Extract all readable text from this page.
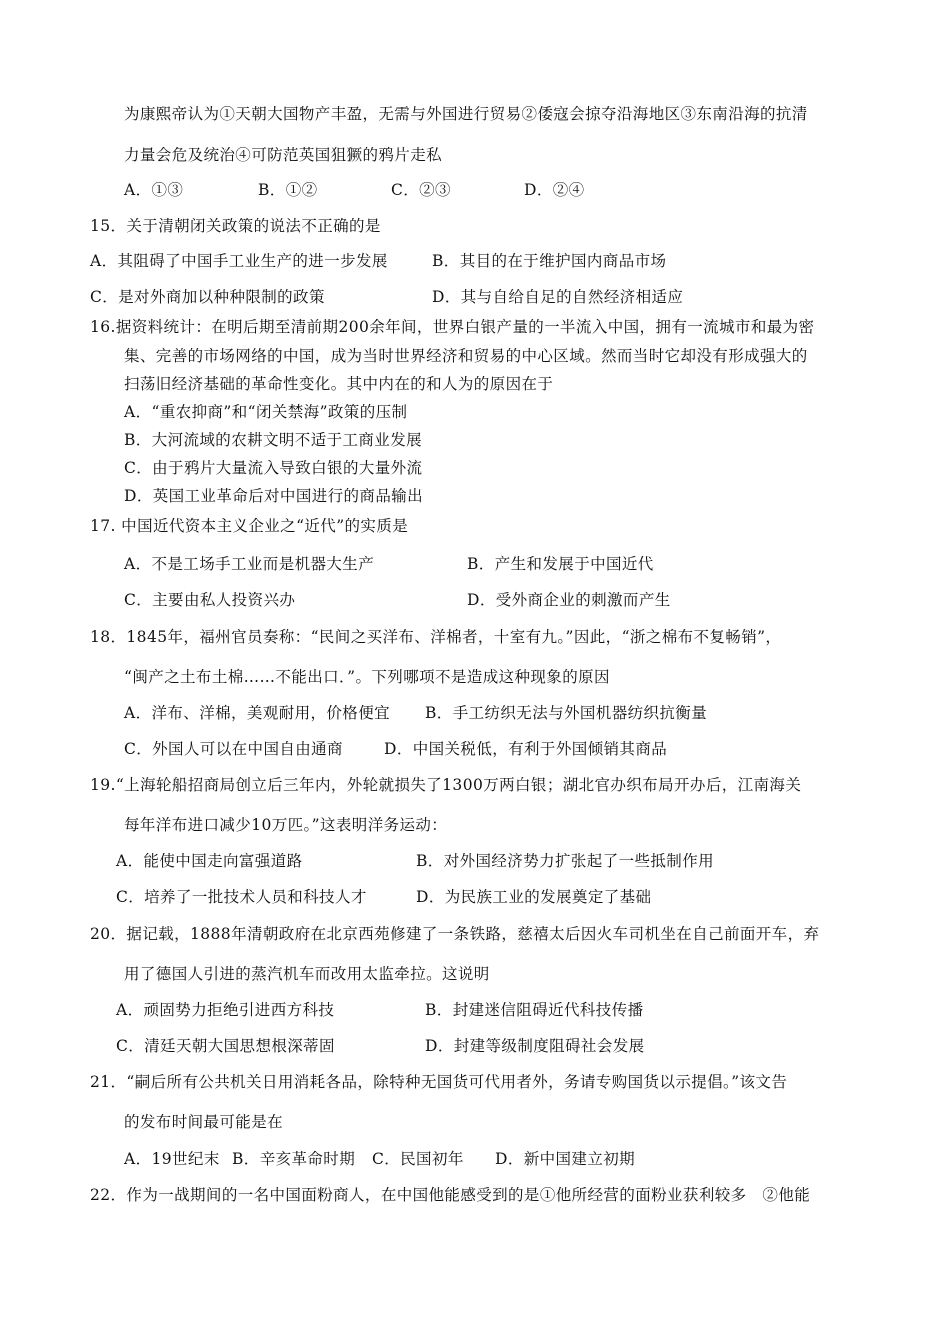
为康熙帝认为①天朝大国物产丰盈，无需与外国进行贸易②倭寇会掠夺沿海地区③东南沿海的抗清
力量会危及统治④可防范英国狙獗的鸦片走私
A．①③	B．①②	C．②③	D．②④
15．关于清朝闭关政策的说法不正确的是
A．其阻碍了中国手工业生产的进一步发展	B．其目的在于维护国内商品市场
C．是对外商加以种种限制的政策	D．其与自给自足的自然经济相适应
16.据资料统计：在明后期至清前期200余年间，世界白银产量的一半流入中国，拥有一流城市和最为密
集、完善的市场网络的中国，成为当时世界经济和贸易的中心区域。然而当时它却没有形成强大的
扫荡旧经济基础的革命性变化。其中内在的和人为的原因在于
A．“重农抑商”和“闭关禁海”政策的压制
B．大河流域的农耕文明不适于工商业发展
C．由于鸦片大量流入导致白银的大量外流
D．英国工业革命后对中国进行的商品输出
17. 中国近代资本主义企业之“近代”的实质是
A．不是工场手工业而是机器大生产	B．产生和发展于中国近代
C．主要由私人投资兴办	D．受外商企业的刺激而产生
18．1845年，福州官员奏称：“民间之买洋布、洋棉者，十室有九。”因此，“浙之棉布不复畅销”，
“闽产之土布土棉……不能出口．”。下列哪项不是造成这种现象的原因
A．洋布、洋棉，美观耐用，价格便宜 B．手工纺织无法与外国机器纺织抗衡量
C．外国人可以在中国自由通商	D．中国关税低，有利于外国倾销其商品
19.“上海轮船招商局创立后三年内，外轮就损失了1300万两白银；湖北官办织布局开办后，江南海关
每年洋布进口减少10万匹。”这表明洋务运动：
A．能使中国走向富强道路	B．对外国经济势力扩张起了一些抵制作用
C．培养了一批技术人员和科技人才	D．为民族工业的发展奠定了基础
20．据记载，1888年清朝政府在北京西苑修建了一条铁路，慈禧太后因火车司机坐在自己前面开车，弃
用了德国人引进的蒸汽机车而改用太监牵拉。这说明
A．顽固势力拒绝引进西方科技	B．封建迷信阻碍近代科技传播
C．清廷天朝大国思想根深蒂固	D．封建等级制度阻碍社会发展
21．“嗣后所有公共机关日用消耗各品，除特种无国货可代用者外，务请专购国货以示提倡。”该文告
的发布时间最可能是在
A．19世纪末 B．辛亥革命时期 C．民国初年 D．新中国建立初期
22．作为一战期间的一名中国面粉商人，在中国他能感受到的是①他所经营的面粉业获利较多　②他能
